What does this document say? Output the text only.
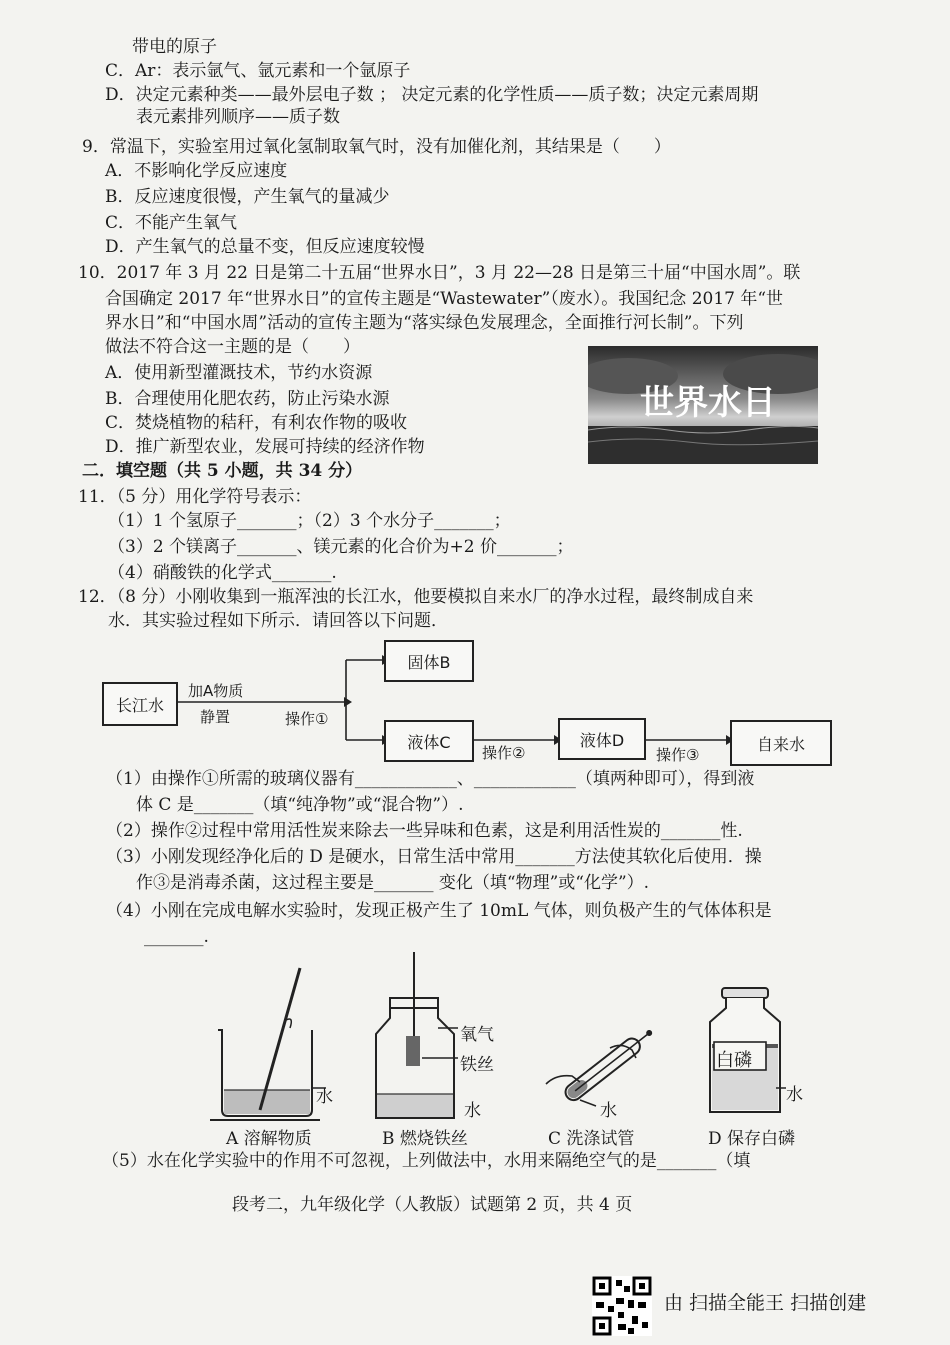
带电的原子
C．Ar：表示氩气、氩元素和一个氩原子
D．决定元素种类——最外层电子数 ； 决定元素的化学性质——质子数；决定元素周期
表元素排列顺序——质子数
9．常温下，实验室用过氧化氢制取氧气时，没有加催化剂，其结果是（　　）
A．不影响化学反应速度
B．反应速度很慢，产生氧气的量减少
C．不能产生氧气
D．产生氧气的总量不变，但反应速度较慢
10．2017 年 3 月 22 日是第二十五届“世界水日”，3 月 22—28 日是第三十届“中国水周”。联
合国确定 2017 年“世界水日”的宣传主题是“Wastewater”（废水）。我国纪念 2017 年“世
界水日”和“中国水周”活动的宣传主题为“落实绿色发展理念，全面推行河长制”。下列
做法不符合这一主题的是（　　）
A．使用新型灌溉技术，节约水资源
B．合理使用化肥农药，防止污染水源
C．焚烧植物的秸秆，有利农作物的吸收
D．推广新型农业，发展可持续的经济作物
世界水日
二．填空题（共 5 小题，共 34 分）
11．（5 分）用化学符号表示：
（1）1 个氢原子_______；（2）3 个水分子_______；
（3）2 个镁离子_______、镁元素的化合价为+2 价_______；
（4）硝酸铁的化学式_______.
12．（8 分）小刚收集到一瓶浑浊的长江水，他要模拟自来水厂的净水过程，最终制成自来
水．其实验过程如下所示．请回答以下问题．
长江水
加A物质
静置	操作①
固体B
液体C
操作②
液体D
操作③
自来水
（1）由操作①所需的玻璃仪器有____________、____________（填两种即可），得到液
体 C 是_______（填“纯净物”或“混合物”）.
（2）操作②过程中常用活性炭来除去一些异味和色素，这是利用活性炭的_______性.
（3）小刚发现经净化后的 D 是硬水，日常生活中常用_______方法使其软化后使用．操
作③是消毒杀菌，这过程主要是_______ 变化（填“物理”或“化学”）.
（4）小刚在完成电解水实验时，发现正极产生了 10mL 气体，则负极产生的气体体积是
_______.
水
A 溶解物质
氧气
铁丝
水
B 燃烧铁丝
水
C 洗涤试管
白磷
水
D 保存白磷
（5）水在化学实验中的作用不可忽视，上列做法中，水用来隔绝空气的是_______（填
段考二，九年级化学（人教版）试题第 2 页，共 4 页
由 扫描全能王 扫描创建
